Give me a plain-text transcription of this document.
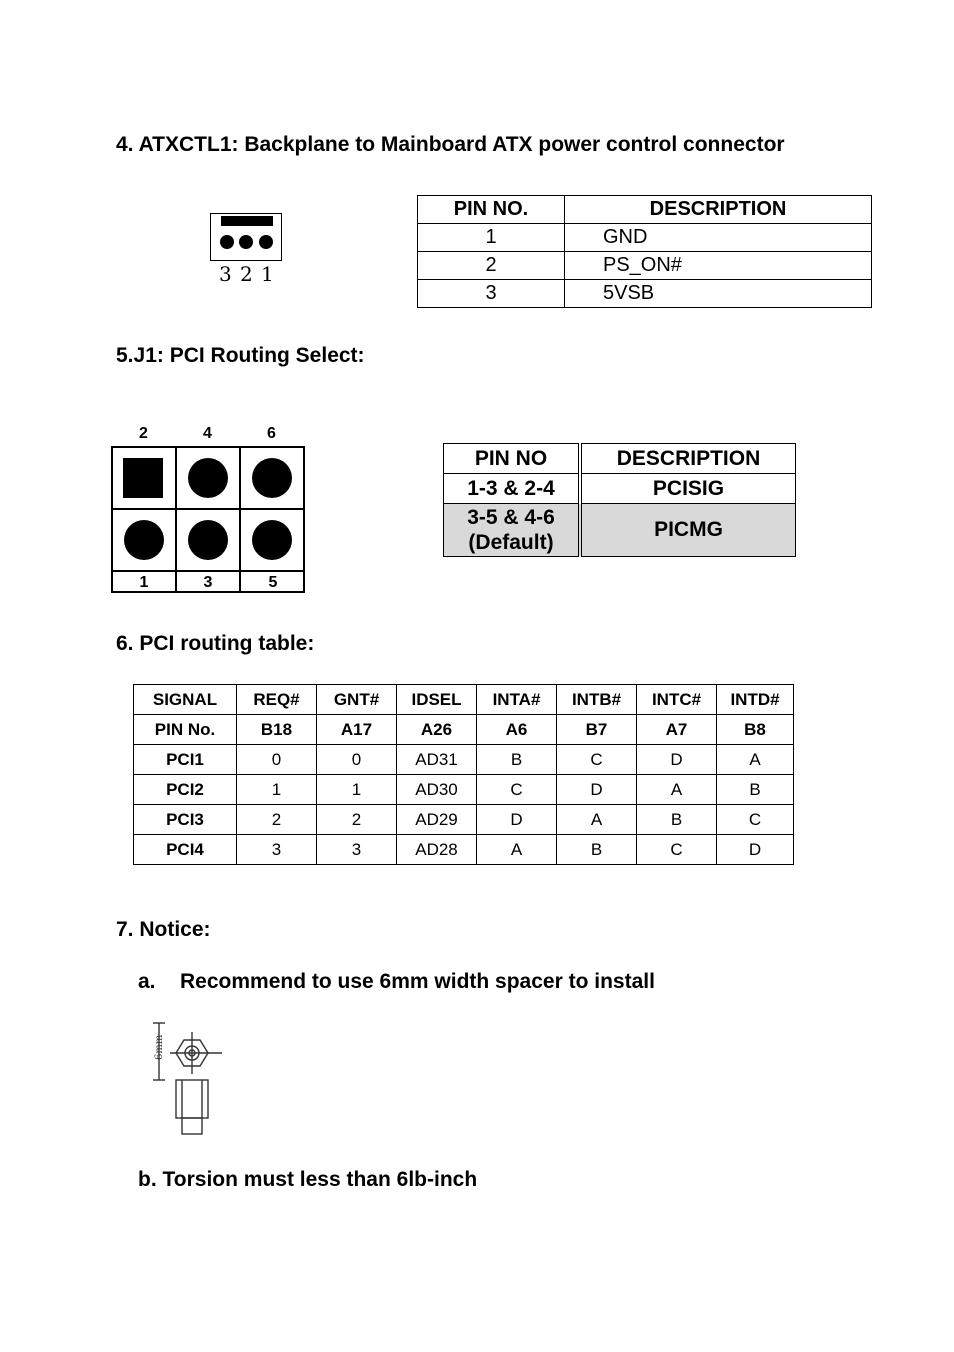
4. ATXCTL1: Backplane to Mainboard ATX power control connector
3 2 1
PIN NO.	DESCRIPTION
1	GND
2	PS_ON#
3	5VSB
5.J1: PCI Routing Select:
2	4	6
1	3	5
PIN NO	DESCRIPTION
1-3 & 2-4	PCISIG

3-5 & 4-6
(Default)	PICMG
6. PCI routing table:
SIGNAL	REQ#	GNT#	IDSEL	INTA#	INTB#	INTC#	INTD#
PIN No.	B18	A17	A26	A6	B7	A7	B8
PCI1	0	0	AD31	B	C	D	A
PCI2	1	1	AD30	C	D	A	B
PCI3	2	2	AD29	D	A	B	C
PCI4	3	3	AD28	A	B	C	D
7. Notice:
a. Recommend to use 6mm width spacer to install
6mm
b. Torsion must less than 6lb-inch
